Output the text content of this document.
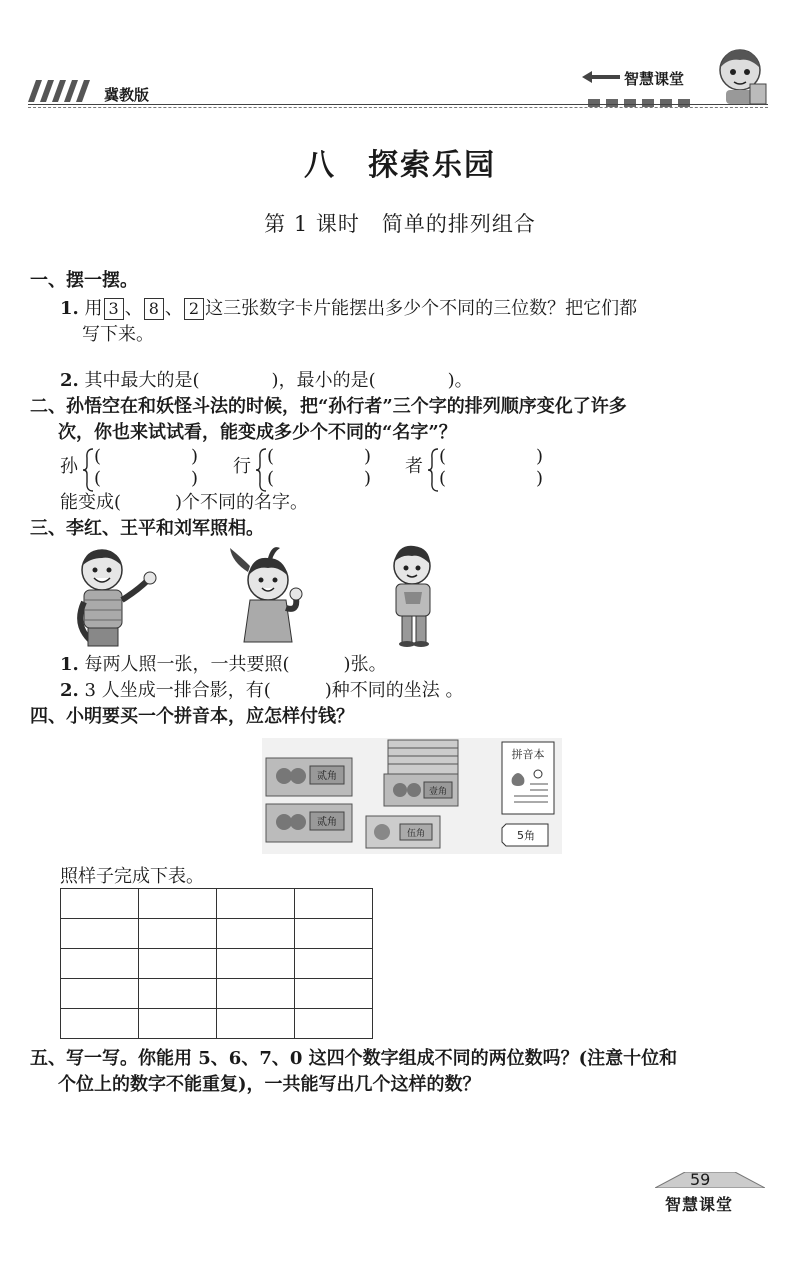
冀教版
智慧课堂
八　探索乐园
第 1 课时　简单的排列组合
一、摆一摆。
1. 用 3 、 8 、 2 这三张数字卡片能摆出多少个不同的三位数？把它们都
写下来。
2. 其中最大的是(　　　　)，最小的是(　　　　)。
二、孙悟空在和妖怪斗法的时候，把“孙行者”三个字的排列顺序变化了许多
次，你也来试试看，能变成多少个不同的“名字”？
孙 (　　　　　)
(　　　　　)
行 (　　　　　)
(　　　　　)
者 (　　　　　)
(　　　　　)
能变成(　　　)个不同的名字。
三、李红、王平和刘军照相。
1. 每两人照一张，一共要照(　　　)张。
2. 3 人坐成一排合影，有(　　　)种不同的坐法 。
四、小明要买一个拼音本，应怎样付钱？
贰角
贰角
壹角
伍角
拼音本
5角
照样子完成下表。

五、写一写。你能用 5、6、7、0 这四个数字组成不同的两位数吗？(注意十位和
个位上的数字不能重复)，一共能写出几个这样的数？
59
智慧课堂
